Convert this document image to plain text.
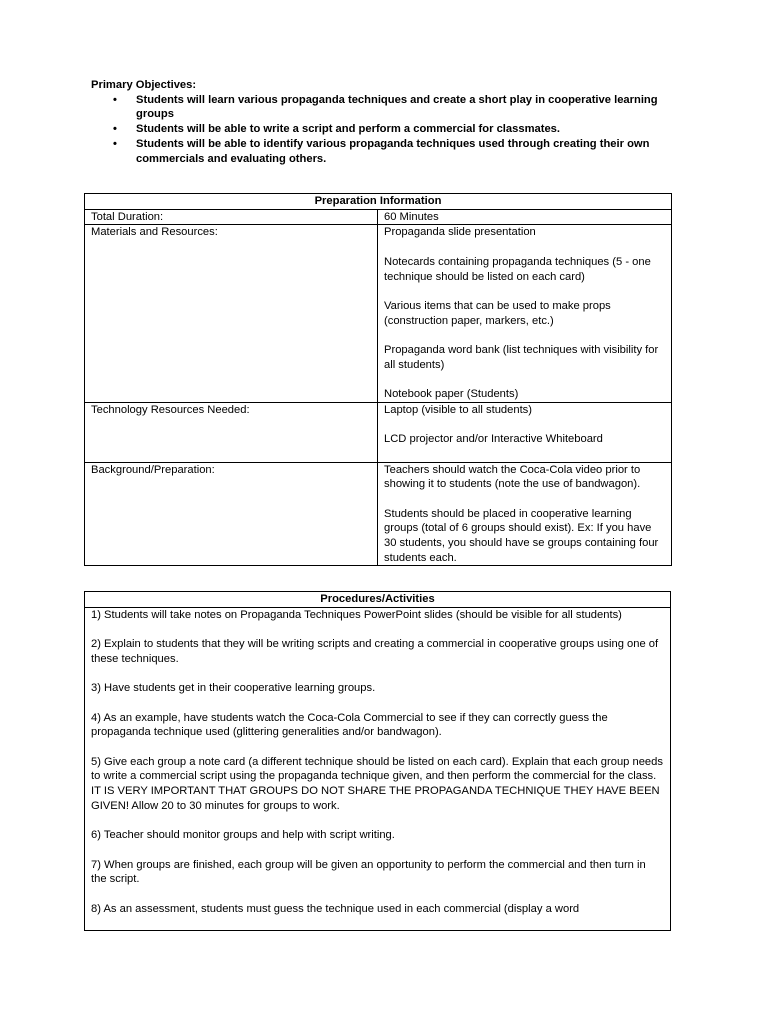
Primary Objectives:

• Students will learn various propaganda techniques and create a short play in cooperative learning groups
• Students will be able to write a script and perform a commercial for classmates.
• Students will be able to identify various propaganda techniques used through creating their own commercials and evaluating others.
Preparation Information	
Total Duration:	60 Minutes

Materials and Resources:	Propaganda slide presentation

Notecards containing propaganda techniques (5 - one technique should be listed on each card)

Various items that can be used to make props (construction paper, markers, etc.)

Propaganda word bank (list techniques with visibility for all students)

Notebook paper (Students)

Technology Resources Needed:	Laptop (visible to all students)

LCD projector and/or Interactive Whiteboard

Background/Preparation:	Teachers should watch the Coca-Cola video prior to showing it to students (note the use of bandwagon).

Students should be placed in cooperative learning groups (total of 6 groups should exist). Ex: If you have 30 students, you should have se groups containing four students each.

Procedures/Activities

1) Students will take notes on Propaganda Techniques PowerPoint slides (should be visible for all students)

2) Explain to students that they will be writing scripts and creating a commercial in cooperative groups using one of these techniques.

3) Have students get in their cooperative learning groups.

4) As an example, have students watch the Coca-Cola Commercial to see if they can correctly guess the propaganda technique used (glittering generalities and/or bandwagon).

5) Give each group a note card (a different technique should be listed on each card). Explain that each group needs to write a commercial script using the propaganda technique given, and then perform the commercial for the class. IT IS VERY IMPORTANT THAT GROUPS DO NOT SHARE THE PROPAGANDA TECHNIQUE THEY HAVE BEEN GIVEN! Allow 20 to 30 minutes for groups to work.

6) Teacher should monitor groups and help with script writing.

7) When groups are finished, each group will be given an opportunity to perform the commercial and then turn in the script.

8) As an assessment, students must guess the technique used in each commercial (display a word
